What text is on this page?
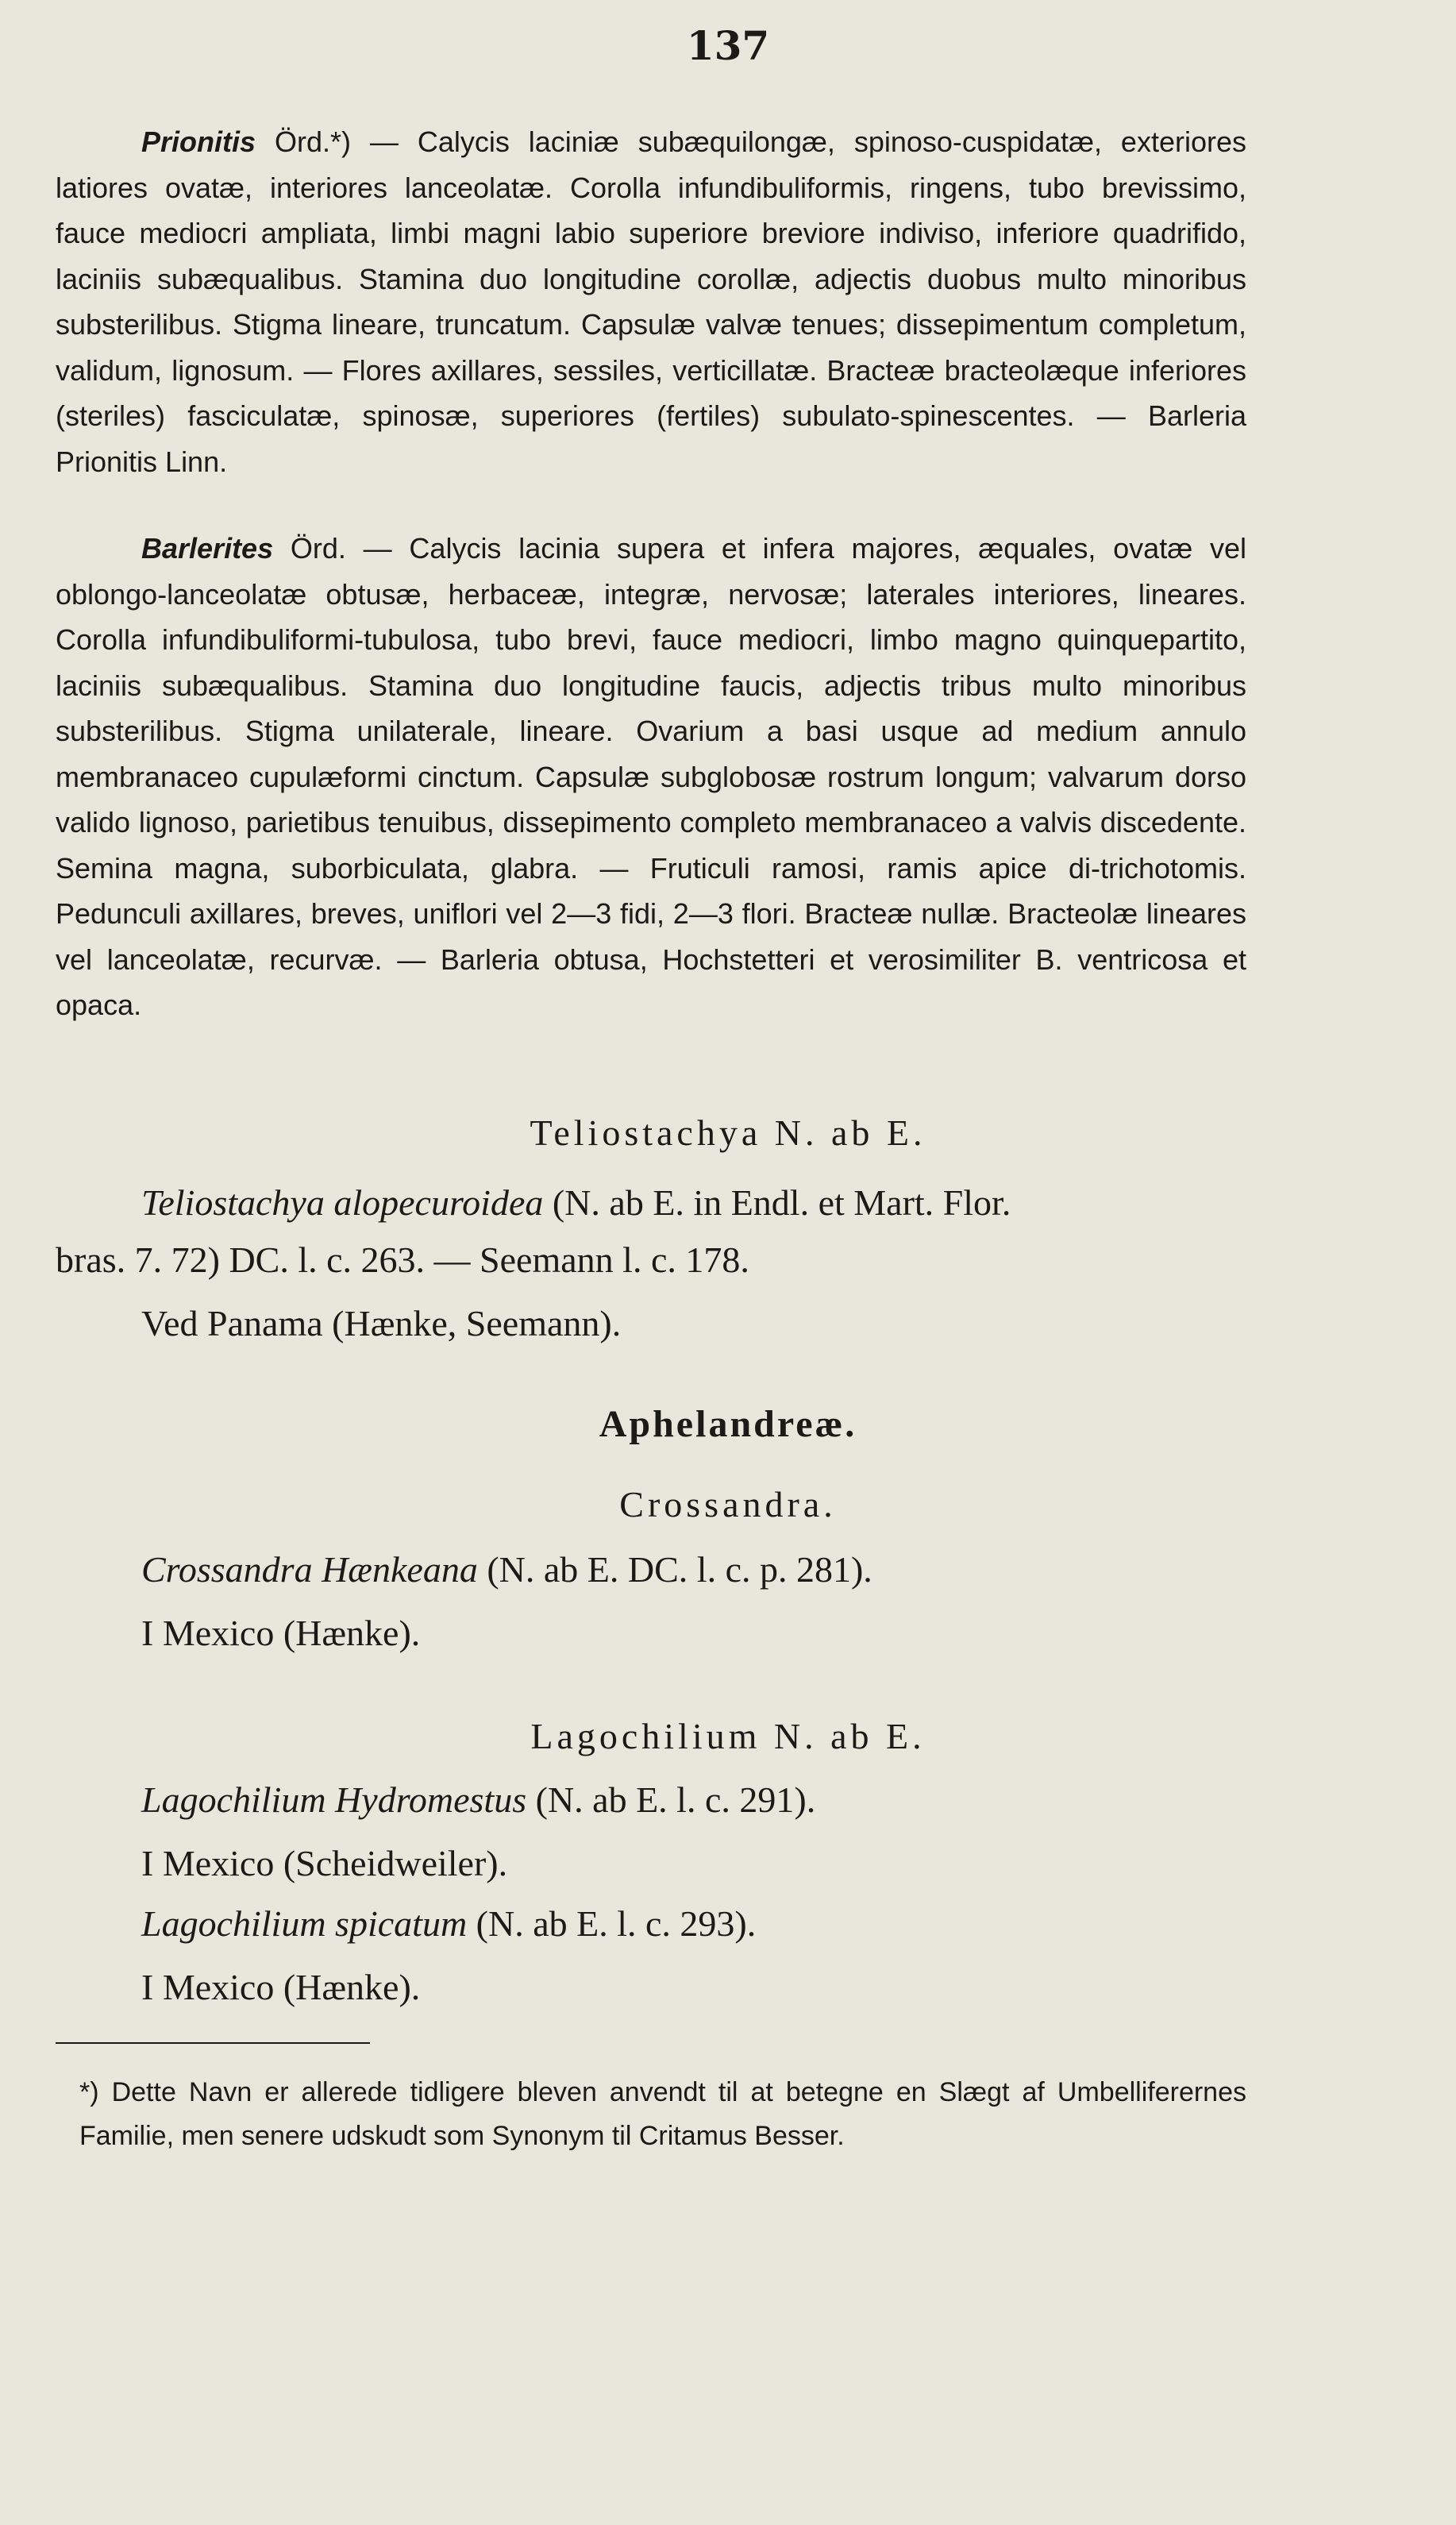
137

Prionitis Örd.*) — Calycis laciniæ subæquilongæ, spinoso-cuspidatæ, exteriores latiores ovatæ, interiores lanceolatæ. Corolla infundibuliformis, ringens, tubo brevissimo, fauce mediocri ampliata, limbi magni labio superiore breviore indiviso, inferiore quadrifido, laciniis subæqualibus. Stamina duo longitudine corollæ, adjectis duobus multo minoribus substerilibus. Stigma lineare, truncatum. Capsulæ valvæ tenues; dissepimentum completum, validum, lignosum. — Flores axillares, sessiles, verticillatæ. Bracteæ bracteolæque inferiores (steriles) fasciculatæ, spinosæ, superiores (fertiles) subulato-spinescentes. — Barleria Prionitis Linn.

Barlerites Örd. — Calycis lacinia supera et infera majores, æquales, ovatæ vel oblongo-lanceolatæ obtusæ, herbaceæ, integræ, nervosæ; laterales interiores, lineares. Corolla infundibuliformi-tubulosa, tubo brevi, fauce mediocri, limbo magno quinquepartito, laciniis subæqualibus. Stamina duo longitudine faucis, adjectis tribus multo minoribus substerilibus. Stigma unilaterale, lineare. Ovarium a basi usque ad medium annulo membranaceo cupulæformi cinctum. Capsulæ subglobosæ rostrum longum; valvarum dorso valido lignoso, parietibus tenuibus, dissepimento completo membranaceo a valvis discedente. Semina magna, suborbiculata, glabra. — Fruticuli ramosi, ramis apice di-trichotomis. Pedunculi axillares, breves, uniflori vel 2—3 fidi, 2—3 flori. Bracteæ nullæ. Bracteolæ lineares vel lanceolatæ, recurvæ. — Barleria obtusa, Hochstetteri et verosimiliter B. ventricosa et opaca.

Teliostachya N. ab E.
Teliostachya alopecuroidea (N. ab E. in Endl. et Mart. Flor.
bras. 7. 72) DC. l. c. 263. — Seemann l. c. 178.
Ved Panama (Hænke, Seemann).
Aphelandreæ.
Crossandra.
Crossandra Hænkeana (N. ab E. DC. l. c. p. 281).
I Mexico (Hænke).
Lagochilium N. ab E.
Lagochilium Hydromestus (N. ab E. l. c. 291).
I Mexico (Scheidweiler).
Lagochilium spicatum (N. ab E. l. c. 293).
I Mexico (Hænke).

*) Dette Navn er allerede tidligere bleven anvendt til at betegne en Slægt af Umbelliferernes Familie, men senere udskudt som Synonym til Critamus Besser.
